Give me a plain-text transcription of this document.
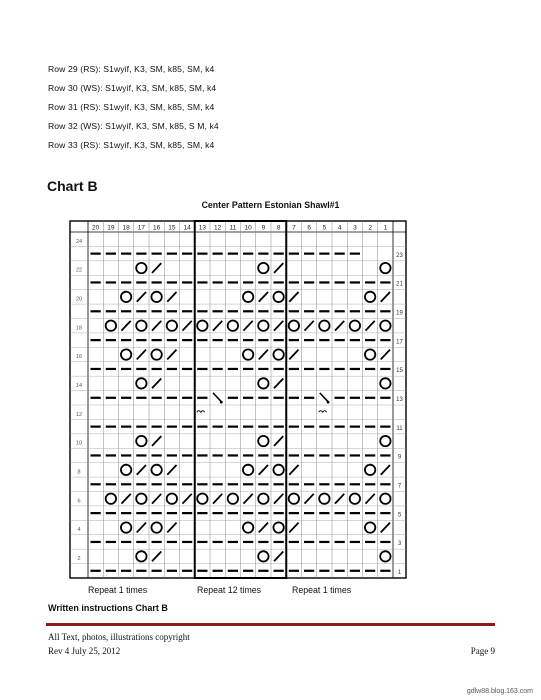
Row 29 (RS): S1wyif, K3, SM, k85, SM, k4
Row 30 (WS): S1wyif, K3, SM, k85, SM, k4
Row 31 (RS): S1wyif, K3, SM, k85, SM, k4
Row 32 (WS): S1wyif, K3, SM, k85, S M, k4
Row 33 (RS): S1wyif, K3, SM, k85, SM, k4
Chart B
Center Pattern Estonian Shawl#1
20 19 18 17 16 15 14 13 12 11 10 9 8 7 6 5 4 3 2 1
24
22
20
18
16
14
12
10
8
6
4
2
23
21
19
17
15
13
11
9
7
5
3
1
Repeat 1 times	Repeat 12 times	Repeat 1 times
Written instructions Chart B
All Text, photos, illustrations copyright
Rev 4 July 25, 2012	Page 9
gdlw88.blog.163.com
